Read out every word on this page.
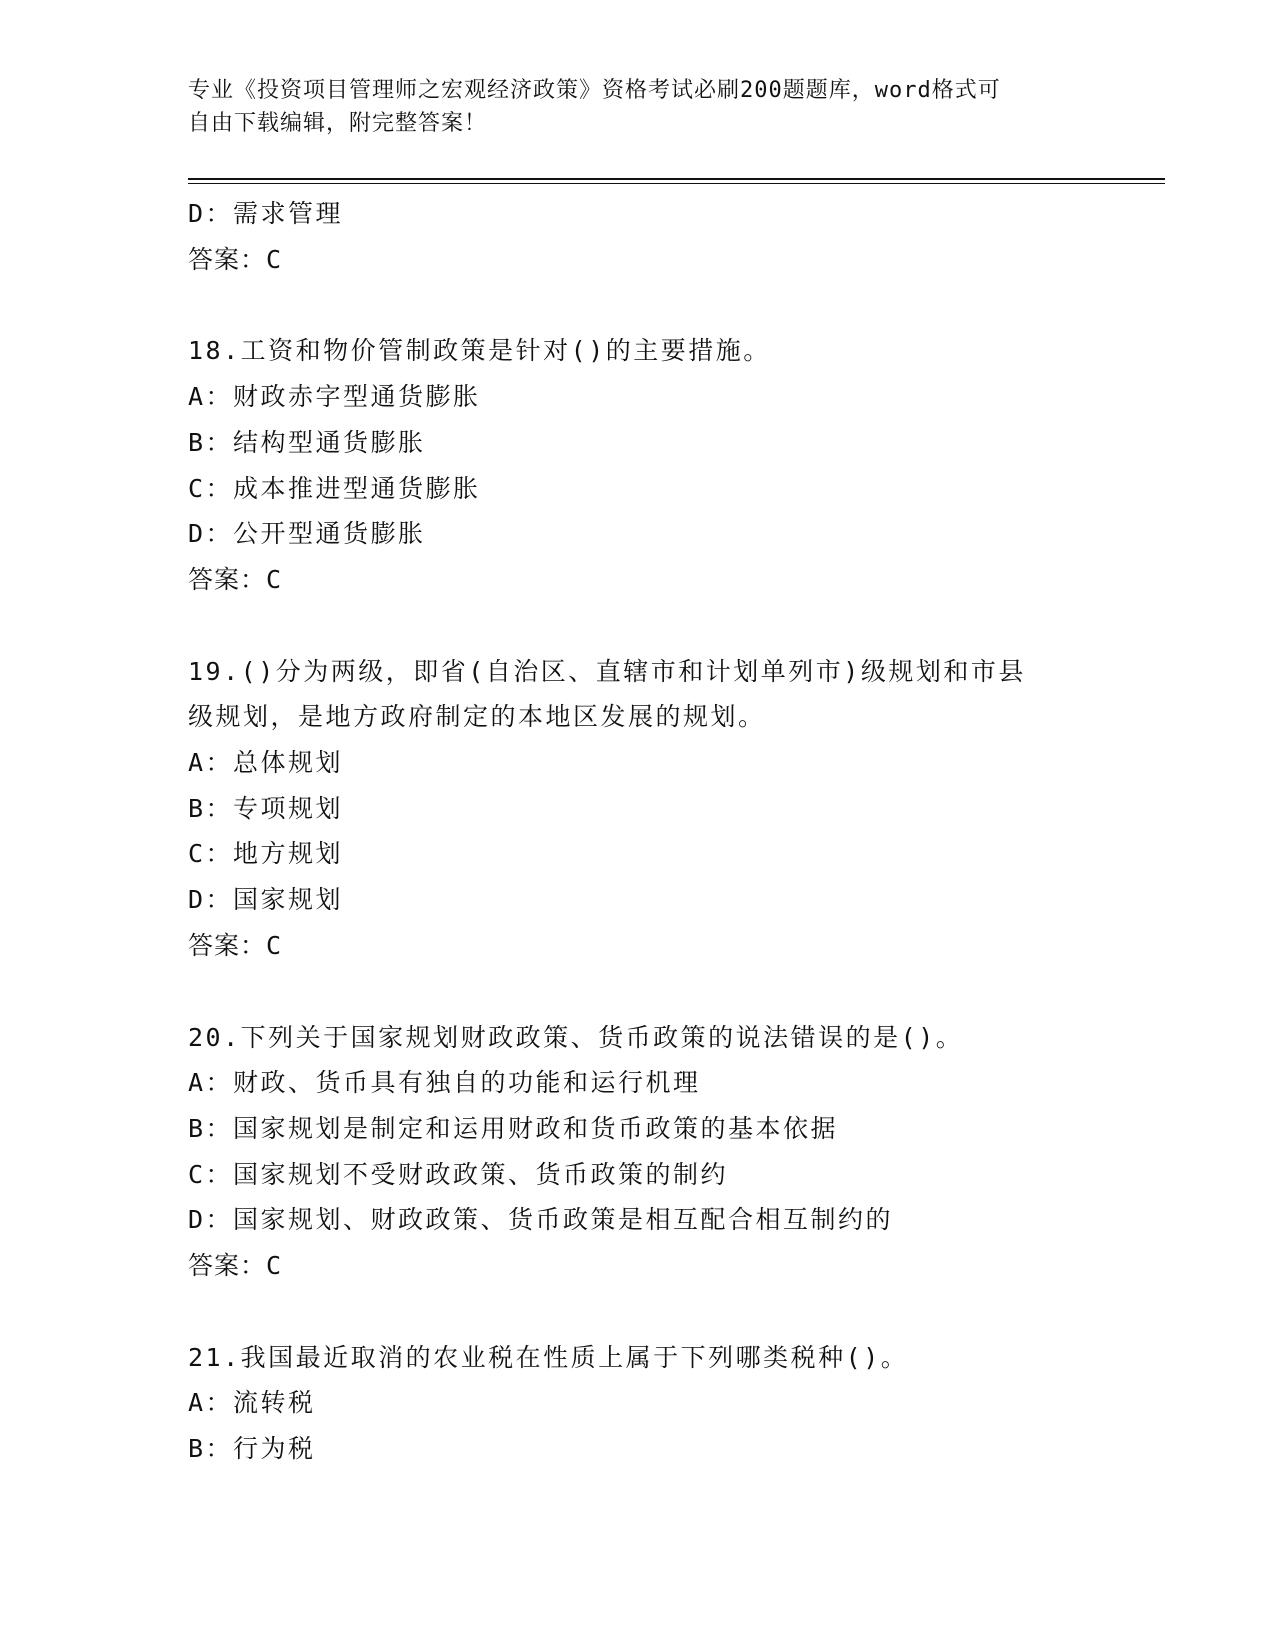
专业《投资项目管理师之宏观经济政策》资格考试必刷200题题库，word格式可
自由下载编辑，附完整答案！
D：需求管理
答案：C
18.工资和物价管制政策是针对()的主要措施。
A：财政赤字型通货膨胀
B：结构型通货膨胀
C：成本推进型通货膨胀
D：公开型通货膨胀
答案：C
19.()分为两级，即省(自治区、直辖市和计划单列市)级规划和市县级规划，是地方政府制定的本地区发展的规划。
A：总体规划
B：专项规划
C：地方规划
D：国家规划
答案：C
20.下列关于国家规划财政政策、货币政策的说法错误的是()。
A：财政、货币具有独自的功能和运行机理
B：国家规划是制定和运用财政和货币政策的基本依据
C：国家规划不受财政政策、货币政策的制约
D：国家规划、财政政策、货币政策是相互配合相互制约的
答案：C
21.我国最近取消的农业税在性质上属于下列哪类税种()。
A：流转税
B：行为税
